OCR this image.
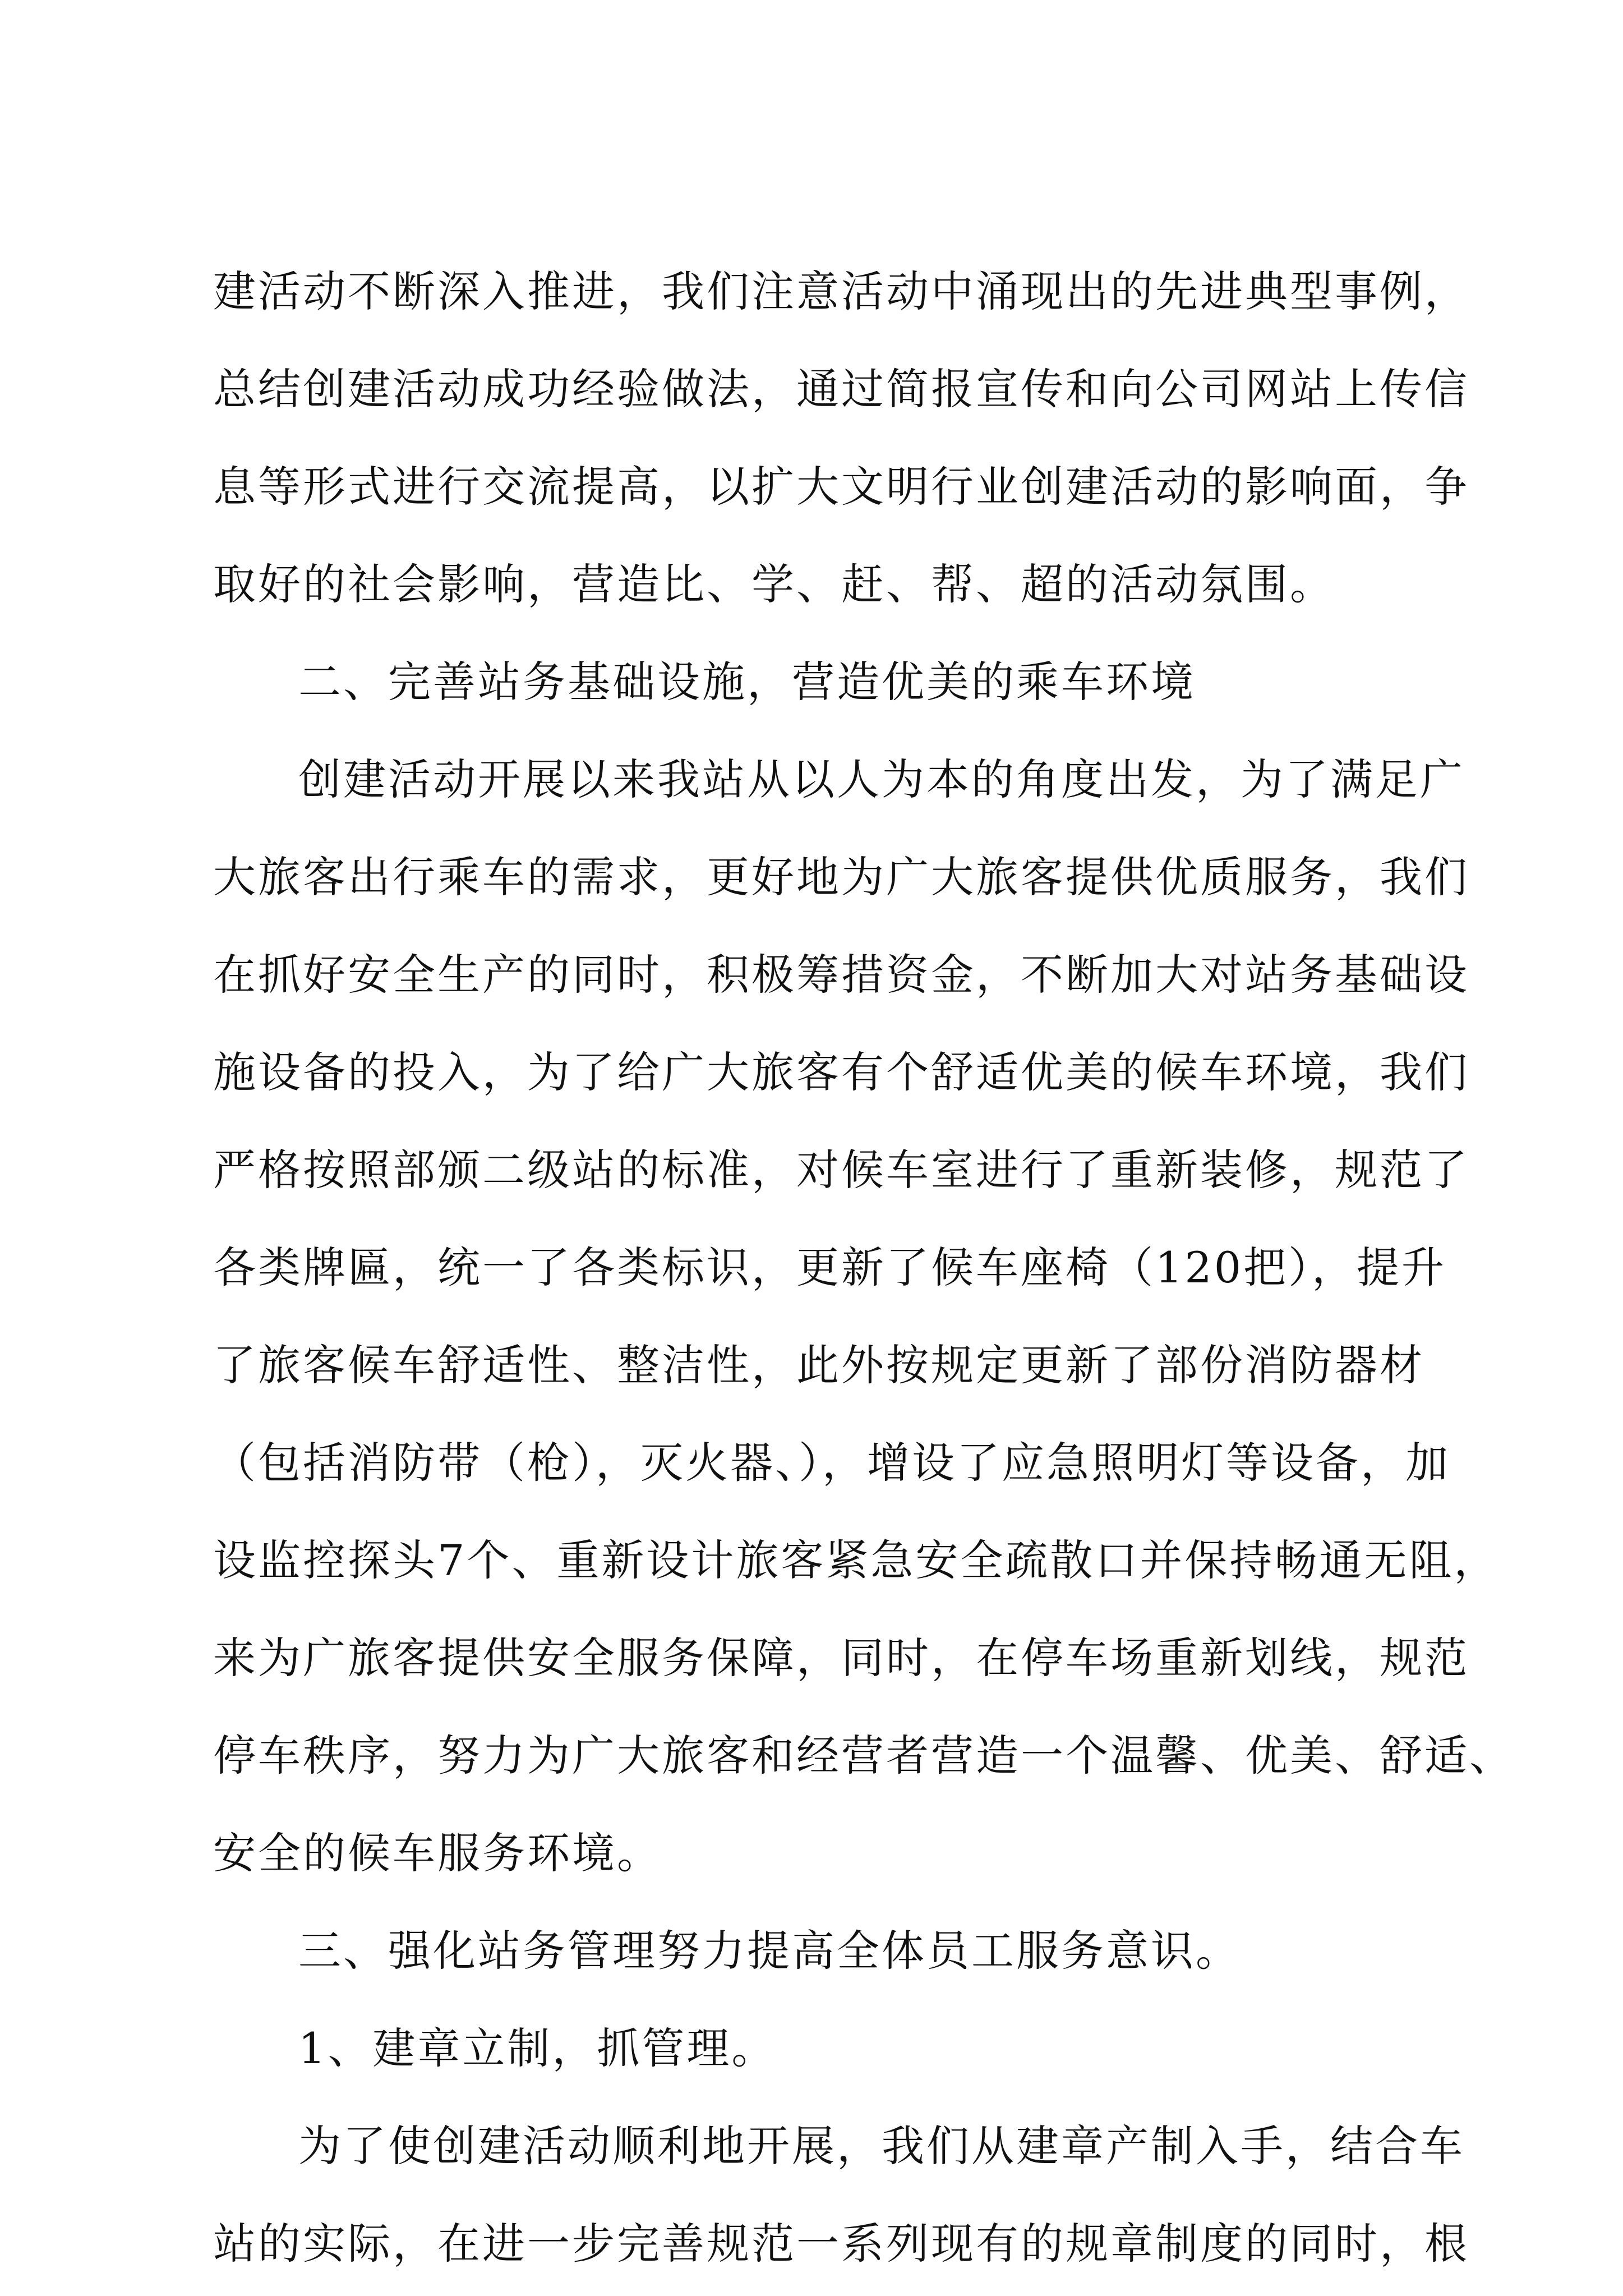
建活动不断深入推进，我们注意活动中涌现出的先进典型事例，
总结创建活动成功经验做法，通过简报宣传和向公司网站上传信
息等形式进行交流提高，以扩大文明行业创建活动的影响面，争
取好的社会影响，营造比、学、赶、帮、超的活动氛围。
二、完善站务基础设施，营造优美的乘车环境
创建活动开展以来我站从以人为本的角度出发，为了满足广
大旅客出行乘车的需求，更好地为广大旅客提供优质服务，我们
在抓好安全生产的同时，积极筹措资金，不断加大对站务基础设
施设备的投入，为了给广大旅客有个舒适优美的候车环境，我们
严格按照部颁二级站的标准，对候车室进行了重新装修，规范了
各类牌匾，统一了各类标识，更新了候车座椅（120把），提升
了旅客候车舒适性、整洁性，此外按规定更新了部份消防器材
（包括消防带（枪），灭火器、），增设了应急照明灯等设备，加
设监控探头7个、重新设计旅客紧急安全疏散口并保持畅通无阻，
来为广旅客提供安全服务保障，同时，在停车场重新划线，规范
停车秩序，努力为广大旅客和经营者营造一个温馨、优美、舒适、
安全的候车服务环境。
三、强化站务管理努力提高全体员工服务意识。
1、建章立制，抓管理。
为了使创建活动顺利地开展，我们从建章产制入手，结合车
站的实际，在进一步完善规范一系列现有的规章制度的同时，根
